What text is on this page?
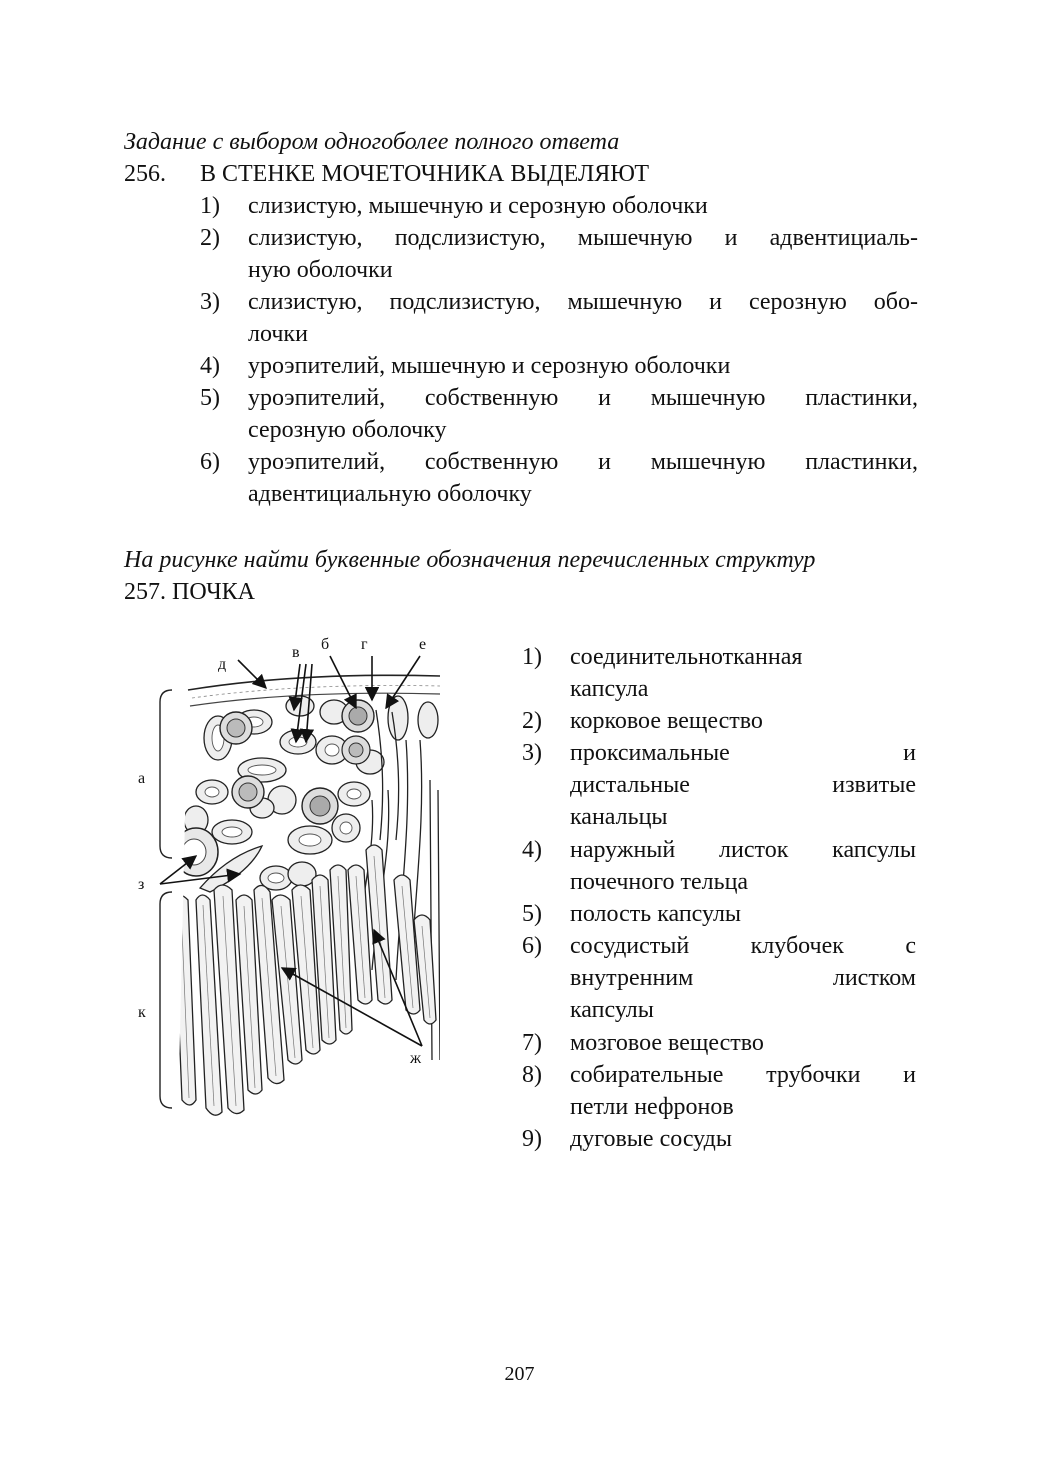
Задание с выбором одногоболее полного ответа
256. В СТЕНКЕ МОЧЕТОЧНИКА ВЫДЕЛЯЮТ
1)	слизистую, мышечную и серозную оболочки
2)	слизистую, подслизистую, мышечную и адвентициаль-
ную оболочки
3)	слизистую, подслизистую, мышечную и серозную обо-
лочки
4)	уроэпителий, мышечную и серозную оболочки
5)	уроэпителий, собственную и мышечную пластинки,
серозную оболочку
6)	уроэпителий, собственную и мышечную пластинки,
адвентициальную оболочку
На рисунке найти буквенные обозначения перечисленных структур
257. ПОЧКА
д
в б г	е
а
з
к
ж
1)	соединительнотканная
капсула
2)	корковое вещество
3)	проксимальные и
дистальные извитые
канальцы
4)	наружный листок капсулы
почечного тельца
5)	полость капсулы
6)	сосудистый клубочек с
внутренним листком
капсулы
7)	мозговое вещество
8)	собирательные трубочки и
петли нефронов
9)	дуговые сосуды
207
